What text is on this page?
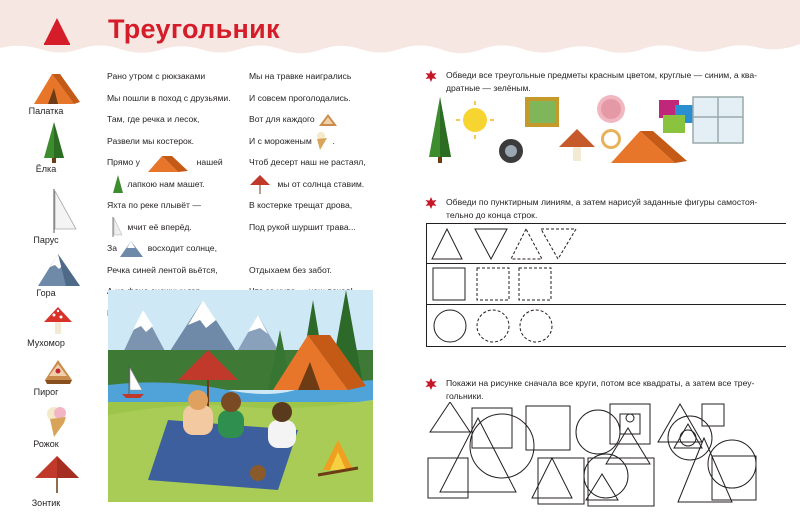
Треугольник
Палатка
Ёлка
Парус
Гора
Мухомор
Пирог
Рожок
Зонтик
Рано утром с рюкзаками
Мы пошли в поход с друзьями.
Там, где речка и лесок,
Развели мы костерок.
Прямо у	нашей
лапкою нам машет.
Яхта по реке плывёт —
мчит её вперёд.
За	восходит солнце,
Речка синей лентой вьётся,
Мы на травке наигрались
И совсем проголодались.
Вот для каждого
И с мороженым .
Чтоб десерт наш не растаял,
мы от солнца ставим.
В костерке трещат дрова,
Под рукой шуршит трава...
Отдыхаем без забот.
Обведи все треугольные предметы красным цветом, круглые — синим, а ква-
дратные — зелёным.
Обведи по пунктирным линиям, а затем нарисуй заданные фигуры самостоя-
тельно до конца строк.
Покажи на рисунке сначала все круги, потом все квадраты, а затем все треу-
гольники.
